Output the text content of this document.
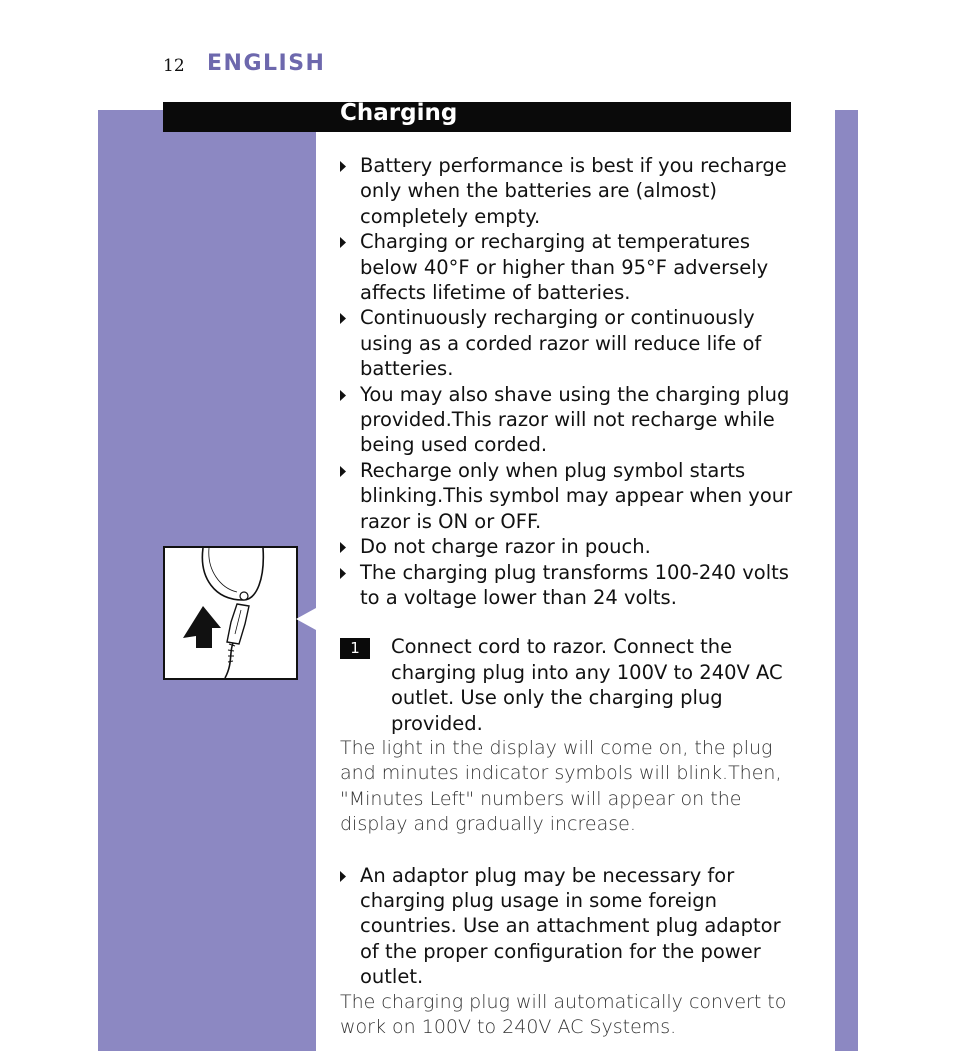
12 ENGLISH
Charging
Battery performance is best if you recharge only when the batteries are (almost) completely empty.
Charging or recharging at temperatures below 40°F or higher than 95°F adversely affects lifetime of batteries.
Continuously recharging or continuously using as a corded razor will reduce life of batteries.
You may also shave using the charging plug provided.This razor will not recharge while being used corded.
Recharge only when plug symbol starts blinking.This symbol may appear when your razor is ON or OFF.
Do not charge razor in pouch.
The charging plug transforms 100-240 volts to a voltage lower than 24 volts.
1	Connect cord to razor. Connect the charging plug into any 100V to 240V AC outlet. Use only the charging plug provided.
The light in the display will come on, the plug and minutes indicator symbols will blink.Then, "Minutes Left" numbers will appear on the display and gradually increase.
An adaptor plug may be necessary for charging plug usage in some foreign countries. Use an attachment plug adaptor of the proper configuration for the power outlet.
The charging plug will automatically convert to work on 100V to 240V AC Systems.
